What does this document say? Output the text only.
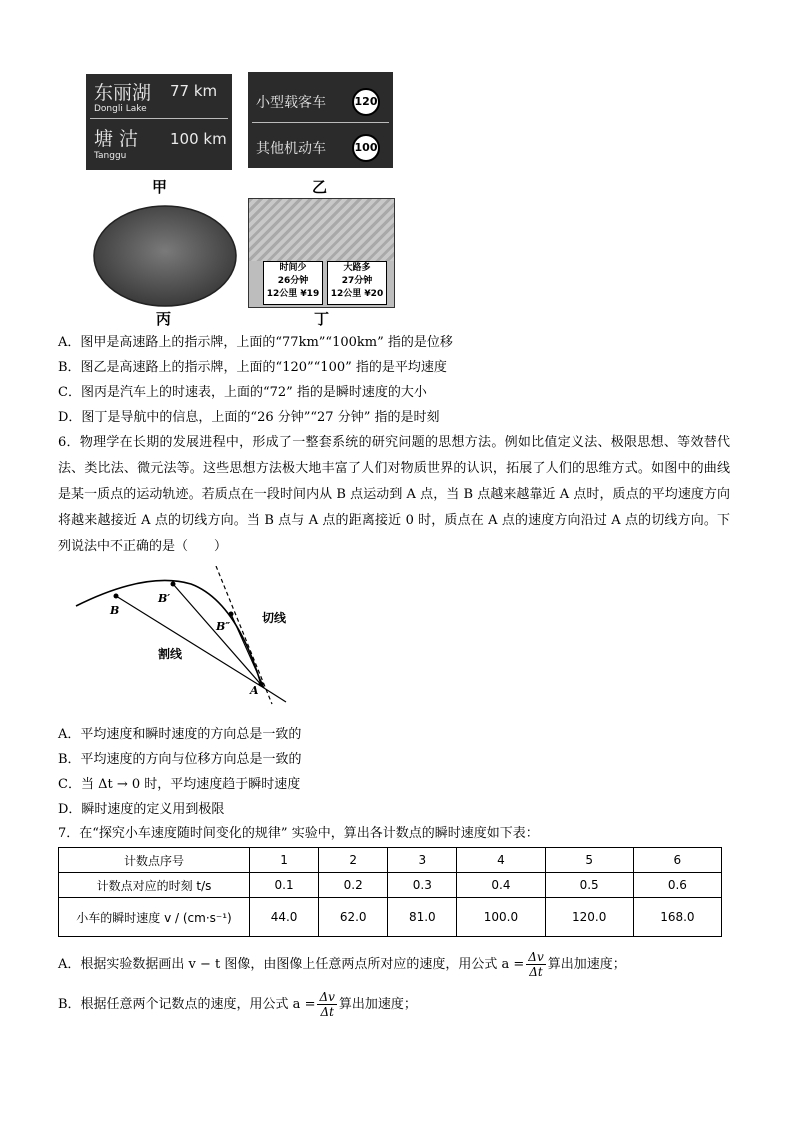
东丽湖 77 km
Dongli Lake
塘 沽 100 km
Tanggu
甲
小型载客车	120
其他机动车	100
乙
丙
时间少
26分钟
12公里 ¥19
大路多
27分钟
12公里 ¥20
丁
A．图甲是高速路上的指示牌，上面的“77km”“100km” 指的是位移
B．图乙是高速路上的指示牌，上面的“120”“100” 指的是平均速度
C．图丙是汽车上的时速表，上面的“72” 指的是瞬时速度的大小
D．图丁是导航中的信息，上面的“26 分钟”“27 分钟” 指的是时刻
6．物理学在长期的发展进程中，形成了一整套系统的研究问题的思想方法。例如比值定义法、极限思想、等效替代法、类比法、微元法等。这些思想方法极大地丰富了人们对物质世界的认识，拓展了人们的思维方式。如图中的曲线是某一质点的运动轨迹。若质点在一段时间内从 B 点运动到 A 点，当 B 点越来越靠近 A 点时，质点的平均速度方向将越来越接近 A 点的切线方向。当 B 点与 A 点的距离接近 0 时，质点在 A 点的速度方向沿过 A 点的切线方向。下列说法中不正确的是（　　）
B
B′
B″
A
切线
割线
A．平均速度和瞬时速度的方向总是一致的
B．平均速度的方向与位移方向总是一致的
C．当 Δt → 0 时，平均速度趋于瞬时速度
D．瞬时速度的定义用到极限
7．在“探究小车速度随时间变化的规律” 实验中，算出各计数点的瞬时速度如下表：
计数点序号	1	2	3	4	5	6
计数点对应的时刻 t/s	0.1	0.2	0.3	0.4	0.5	0.6
小车的瞬时速度 v / (cm·s⁻¹)	44.0	62.0	81.0	100.0	120.0	168.0
A．根据实验数据画出 v − t 图像，由图像上任意两点所对应的速度，用公式 $a = \frac{\Delta v}{\Delta t}$ 算出加速度；
B．根据任意两个记数点的速度，用公式 $a = \frac{\Delta v}{\Delta t}$ 算出加速度；
